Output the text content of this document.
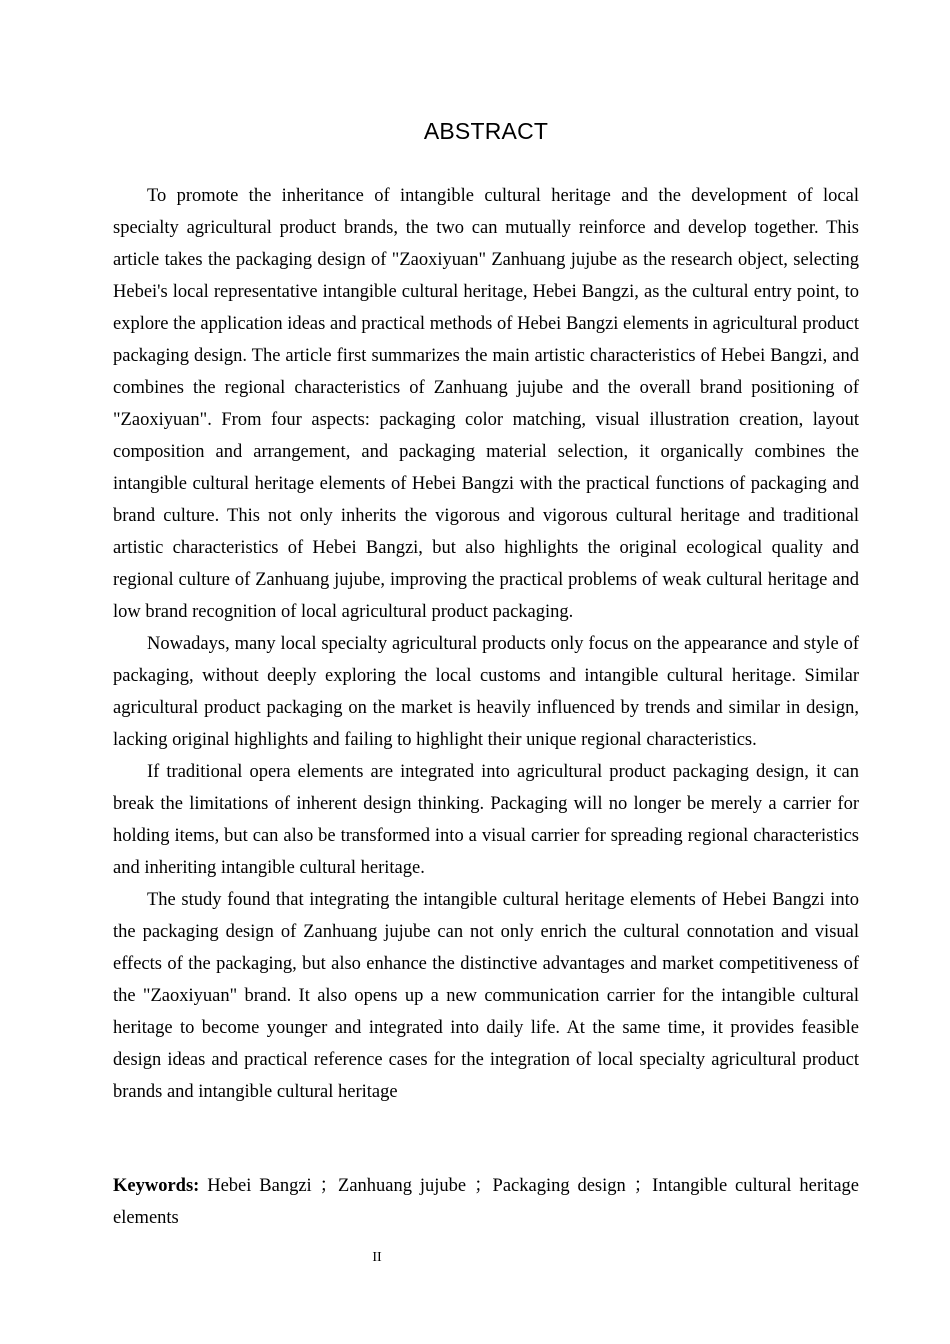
ABSTRACT

To promote the inheritance of intangible cultural heritage and the development of local specialty agricultural product brands, the two can mutually reinforce and develop together. This article takes the packaging design of "Zaoxiyuan" Zanhuang jujube as the research object, selecting Hebei's local representative intangible cultural heritage, Hebei Bangzi, as the cultural entry point, to explore the application ideas and practical methods of Hebei Bangzi elements in agricultural product packaging design. The article first summarizes the main artistic characteristics of Hebei Bangzi, and combines the regional characteristics of Zanhuang jujube and the overall brand positioning of "Zaoxiyuan". From four aspects: packaging color matching, visual illustration creation, layout composition and arrangement, and packaging material selection, it organically combines the intangible cultural heritage elements of Hebei Bangzi with the practical functions of packaging and brand culture. This not only inherits the vigorous and vigorous cultural heritage and traditional artistic characteristics of Hebei Bangzi, but also highlights the original ecological quality and regional culture of Zanhuang jujube, improving the practical problems of weak cultural heritage and low brand recognition of local agricultural product packaging.

Nowadays, many local specialty agricultural products only focus on the appearance and style of packaging, without deeply exploring the local customs and intangible cultural heritage. Similar agricultural product packaging on the market is heavily influenced by trends and similar in design, lacking original highlights and failing to highlight their unique regional characteristics.

If traditional opera elements are integrated into agricultural product packaging design, it can break the limitations of inherent design thinking. Packaging will no longer be merely a carrier for holding items, but can also be transformed into a visual carrier for spreading regional characteristics and inheriting intangible cultural heritage.

The study found that integrating the intangible cultural heritage elements of Hebei Bangzi into the packaging design of Zanhuang jujube can not only enrich the cultural connotation and visual effects of the packaging, but also enhance the distinctive advantages and market competitiveness of the "Zaoxiyuan" brand. It also opens up a new communication carrier for the intangible cultural heritage to become younger and integrated into daily life. At the same time, it provides feasible design ideas and practical reference cases for the integration of local specialty agricultural product brands and intangible cultural heritage

Keywords: Hebei Bangzi ；Zanhuang jujube ；Packaging design ；Intangible cultural heritage elements
II
